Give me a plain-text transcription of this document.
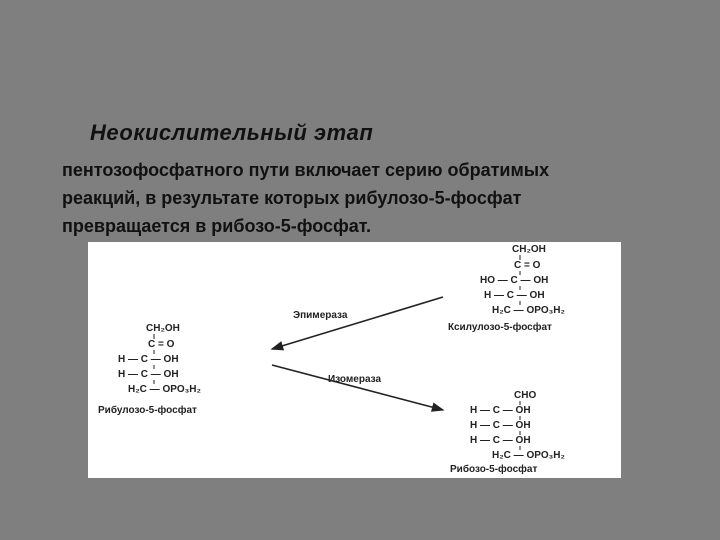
Неокислительный этап

пентозофосфатного пути включает серию обратимых
реакций, в результате которых рибулозо-5-фосфат
превращается в рибозо-5-фосфат.

CH₂OH
C = O
H — C — OH
H — C — OH
H₂C — OPO₃H₂
Рибулозо-5-фосфат
Эпимераза
Изомераза
CH₂OH
C = O
HO — C — OH
H — C — OH
H₂C — OPO₃H₂
Ксилулозо-5-фосфат
CHO
H — C — OH
H — C — OH
H — C — OH
H₂C — OPO₃H₂
Рибозо-5-фосфат
